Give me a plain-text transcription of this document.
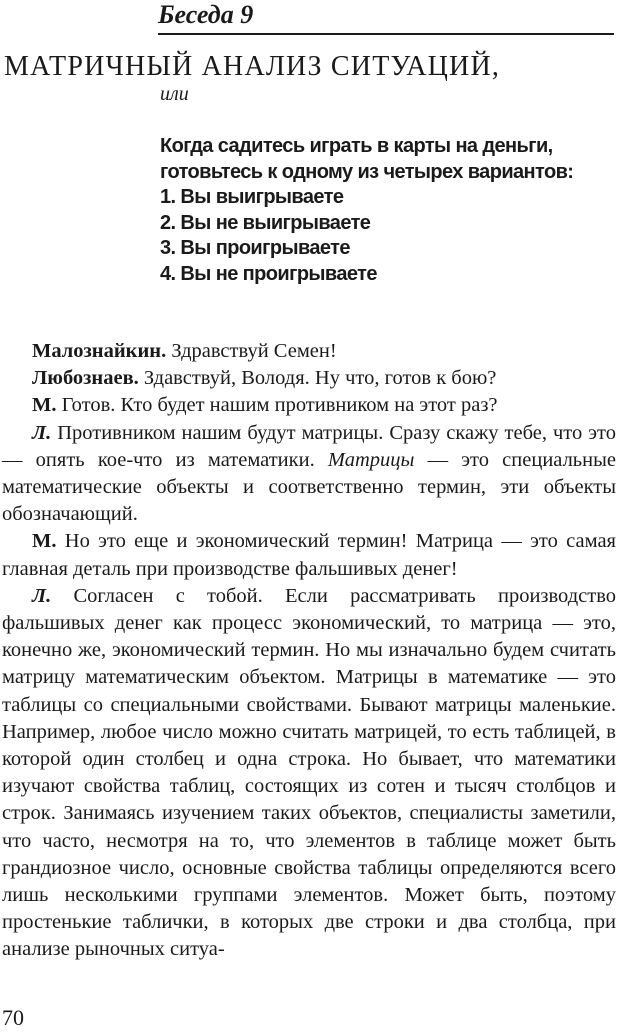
Беседа 9
МАТРИЧНЫЙ АНАЛИЗ СИТУАЦИЙ,
или
Когда садитесь играть в карты на деньги,
готовьтесь к одному из четырех вариантов:
1. Вы выигрываете
2. Вы не выигрываете
3. Вы проигрываете
4. Вы не проигрываете

Малознайкин. Здравствуй Семен!

Любознаев. Здавствуй, Володя. Ну что, готов к бою?

М. Готов. Кто будет нашим противником на этот раз?

Л. Противником нашим будут матрицы. Сразу скажу тебе, что это — опять кое-что из математики. Матрицы — это специальные математические объекты и соответственно термин, эти объекты обозначающий.

М. Но это еще и экономический термин! Матрица — это самая главная деталь при производстве фальшивых денег!

Л. Согласен с тобой. Если рассматривать производство фальшивых денег как процесс экономический, то матрица — это, конечно же, экономический термин. Но мы изначально будем считать матрицу математическим объектом. Матрицы в математике — это таблицы со специальными свойствами. Бывают матрицы маленькие. Например, любое число можно считать матрицей, то есть таблицей, в которой один столбец и одна строка. Но бывает, что математики изучают свойства таблиц, состоящих из сотен и тысяч столбцов и строк. Занимаясь изучением таких объектов, специалисты заметили, что часто, несмотря на то, что элементов в таблице может быть грандиозное число, основные свойства таблицы определяются всего лишь несколькими группами элементов. Может быть, поэтому простенькие таблички, в которых две строки и два столбца, при анализе рыночных ситуа-

70
